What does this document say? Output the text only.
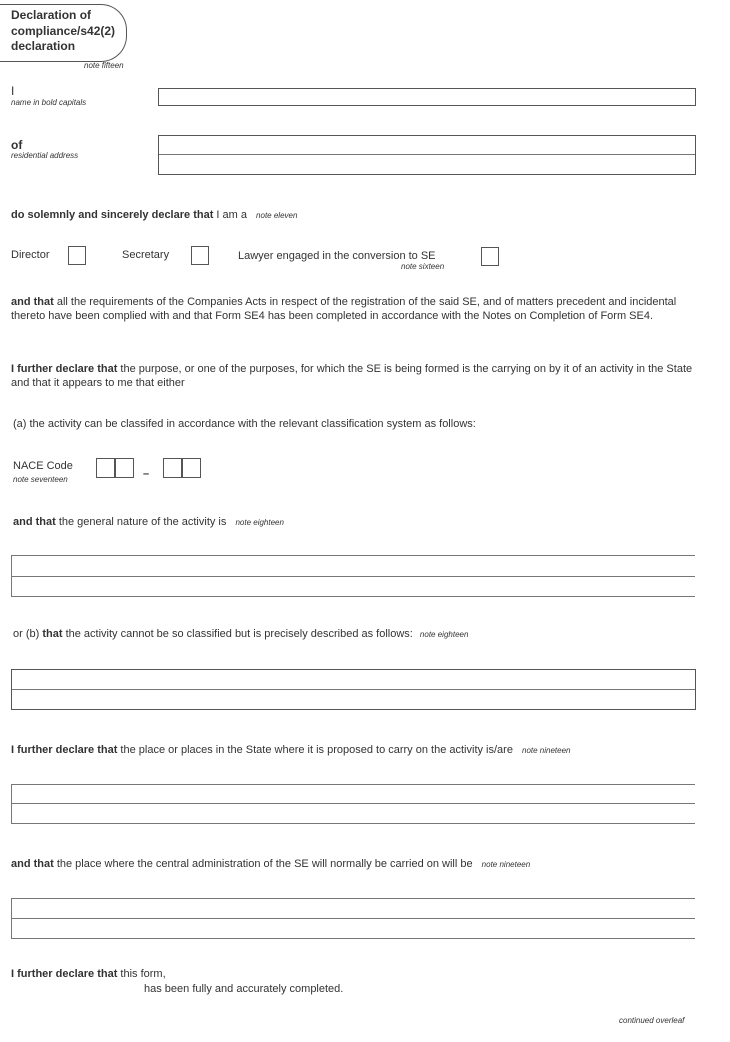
Declaration of
compliance/s42(2)
declaration
note fifteen
I
name in bold capitals
of
residential address
do solemnly and sincerely declare that I am a note eleven
Director	Secretary	Lawyer engaged in the conversion to SE
note sixteen
and that all the requirements of the Companies Acts in respect of the registration of the said SE, and of matters precedent and incidental thereto have been complied with and that Form SE4 has been completed in accordance with the Notes on Completion of Form SE4.
I further declare that the purpose, or one of the purposes, for which the SE is being formed is the carrying on by it of an activity in the State and that it appears to me that either
(a) the activity can be classifed in accordance with the relevant classification system as follows:
NACE Code
note seventeen	–
and that the general nature of the activity is note eighteen
or (b) that the activity cannot be so classified but is precisely described as follows: note eighteen
I further declare that the place or places in the State where it is proposed to carry on the activity is/are note nineteen
and that the place where the central administration of the SE will normally be carried on will be note nineteen
I further declare that this form,
has been fully and accurately completed.
continued overleaf
